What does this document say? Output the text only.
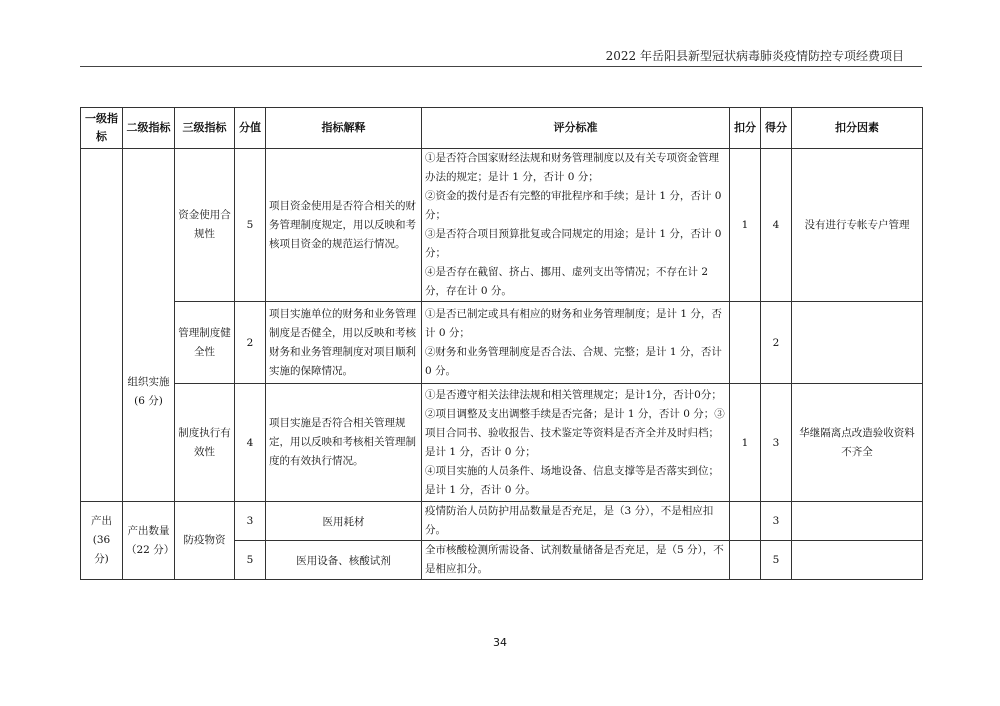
2022 年岳阳县新型冠状病毒肺炎疫情防控专项经费项目
一级指标	二级指标	三级指标	分值	指标解释	评分标准	扣分	得分	扣分因素
	组织实施(6 分)	资金使用合规性	5	项目资金使用是否符合相关的财务管理制度规定，用以反映和考核项目资金的规范运行情况。	①是否符合国家财经法规和财务管理制度以及有关专项资金管理办法的规定；是计 1 分，否计 0 分；
②资金的拨付是否有完整的审批程序和手续；是计 1 分，否计 0 分；
③是否符合项目预算批复或合同规定的用途；是计 1 分，否计 0 分；
④是否存在截留、挤占、挪用、虚列支出等情况；不存在计 2 分，存在计 0 分。	1	4	没有进行专帐专户管理
		管理制度健全性	2	项目实施单位的财务和业务管理制度是否健全，用以反映和考核财务和业务管理制度对项目顺利实施的保障情况。	①是否已制定或具有相应的财务和业务管理制度；是计 1 分，否计 0 分；
②财务和业务管理制度是否合法、合规、完整；是计 1 分，否计 0 分。		2	
		制度执行有效性	4	项目实施是否符合相关管理规定，用以反映和考核相关管理制度的有效执行情况。	①是否遵守相关法律法规和相关管理规定；是计1分，否计0分；
②项目调整及支出调整手续是否完备；是计 1 分，否计 0 分；③项目合同书、验收报告、技术鉴定等资料是否齐全并及时归档；是计 1 分，否计 0 分；
④项目实施的人员条件、场地设备、信息支撑等是否落实到位；是计 1 分，否计 0 分。	1	3	华继隔离点改造验收资料不齐全
产出(36 分)	产出数量（22 分）	防疫物资	3	医用耗材	疫情防治人员防护用品数量是否充足，是（3 分），不是相应扣分。		3	
			5	医用设备、核酸试剂	全市核酸检测所需设备、试剂数量储备是否充足，是（5 分），不是相应扣分。		5	
34
